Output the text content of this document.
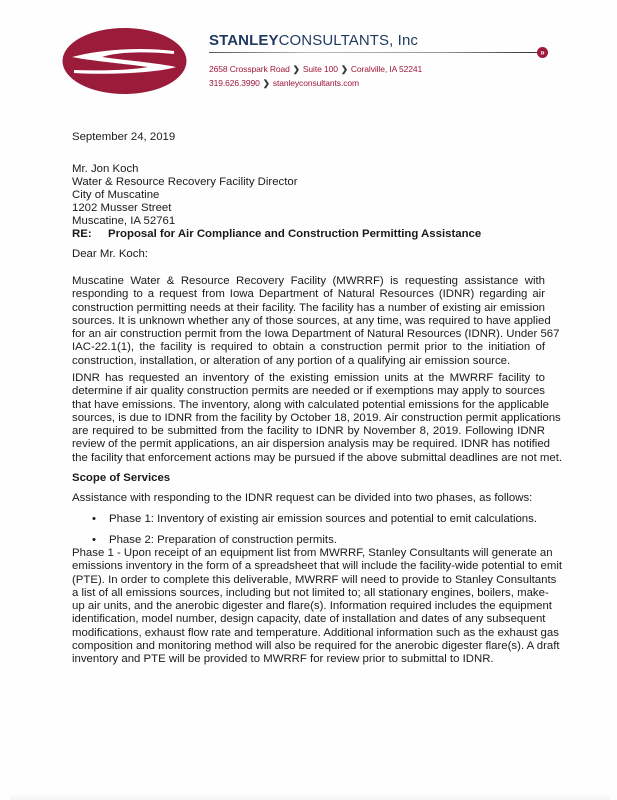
STANLEYCONSULTANTS, Inc
»
2658 Crosspark Road ❯ Suite 100 ❯ Coralville, IA 52241
319.626.3990 ❯ stanleyconsultants.com
September 24, 2019
Mr. Jon Koch
Water & Resource Recovery Facility Director
City of Muscatine
1202 Musser Street
Muscatine, IA 52761
RE: Proposal for Air Compliance and Construction Permitting Assistance
Dear Mr. Koch:
Muscatine Water & Resource Recovery Facility (MWRRF) is requesting assistance with
responding to a request from Iowa Department of Natural Resources (IDNR) regarding air
construction permitting needs at their facility. The facility has a number of existing air emission
sources. It is unknown whether any of those sources, at any time, was required to have applied
for an air construction permit from the Iowa Department of Natural Resources (IDNR). Under 567
IAC-22.1(1), the facility is required to obtain a construction permit prior to the initiation of
construction, installation, or alteration of any portion of a qualifying air emission source.
IDNR has requested an inventory of the existing emission units at the MWRRF facility to
determine if air quality construction permits are needed or if exemptions may apply to sources
that have emissions. The inventory, along with calculated potential emissions for the applicable
sources, is due to IDNR from the facility by October 18, 2019. Air construction permit applications
are required to be submitted from the facility to IDNR by November 8, 2019. Following IDNR
review of the permit applications, an air dispersion analysis may be required. IDNR has notified
the facility that enforcement actions may be pursued if the above submittal deadlines are not met.
Scope of Services
Assistance with responding to the IDNR request can be divided into two phases, as follows:
• Phase 1: Inventory of existing air emission sources and potential to emit calculations.
• Phase 2: Preparation of construction permits.
Phase 1 - Upon receipt of an equipment list from MWRRF, Stanley Consultants will generate an
emissions inventory in the form of a spreadsheet that will include the facility-wide potential to emit
(PTE). In order to complete this deliverable, MWRRF will need to provide to Stanley Consultants
a list of all emissions sources, including but not limited to; all stationary engines, boilers, make-
up air units, and the anerobic digester and flare(s). Information required includes the equipment
identification, model number, design capacity, date of installation and dates of any subsequent
modifications, exhaust flow rate and temperature. Additional information such as the exhaust gas
composition and monitoring method will also be required for the anerobic digester flare(s). A draft
inventory and PTE will be provided to MWRRF for review prior to submittal to IDNR.
